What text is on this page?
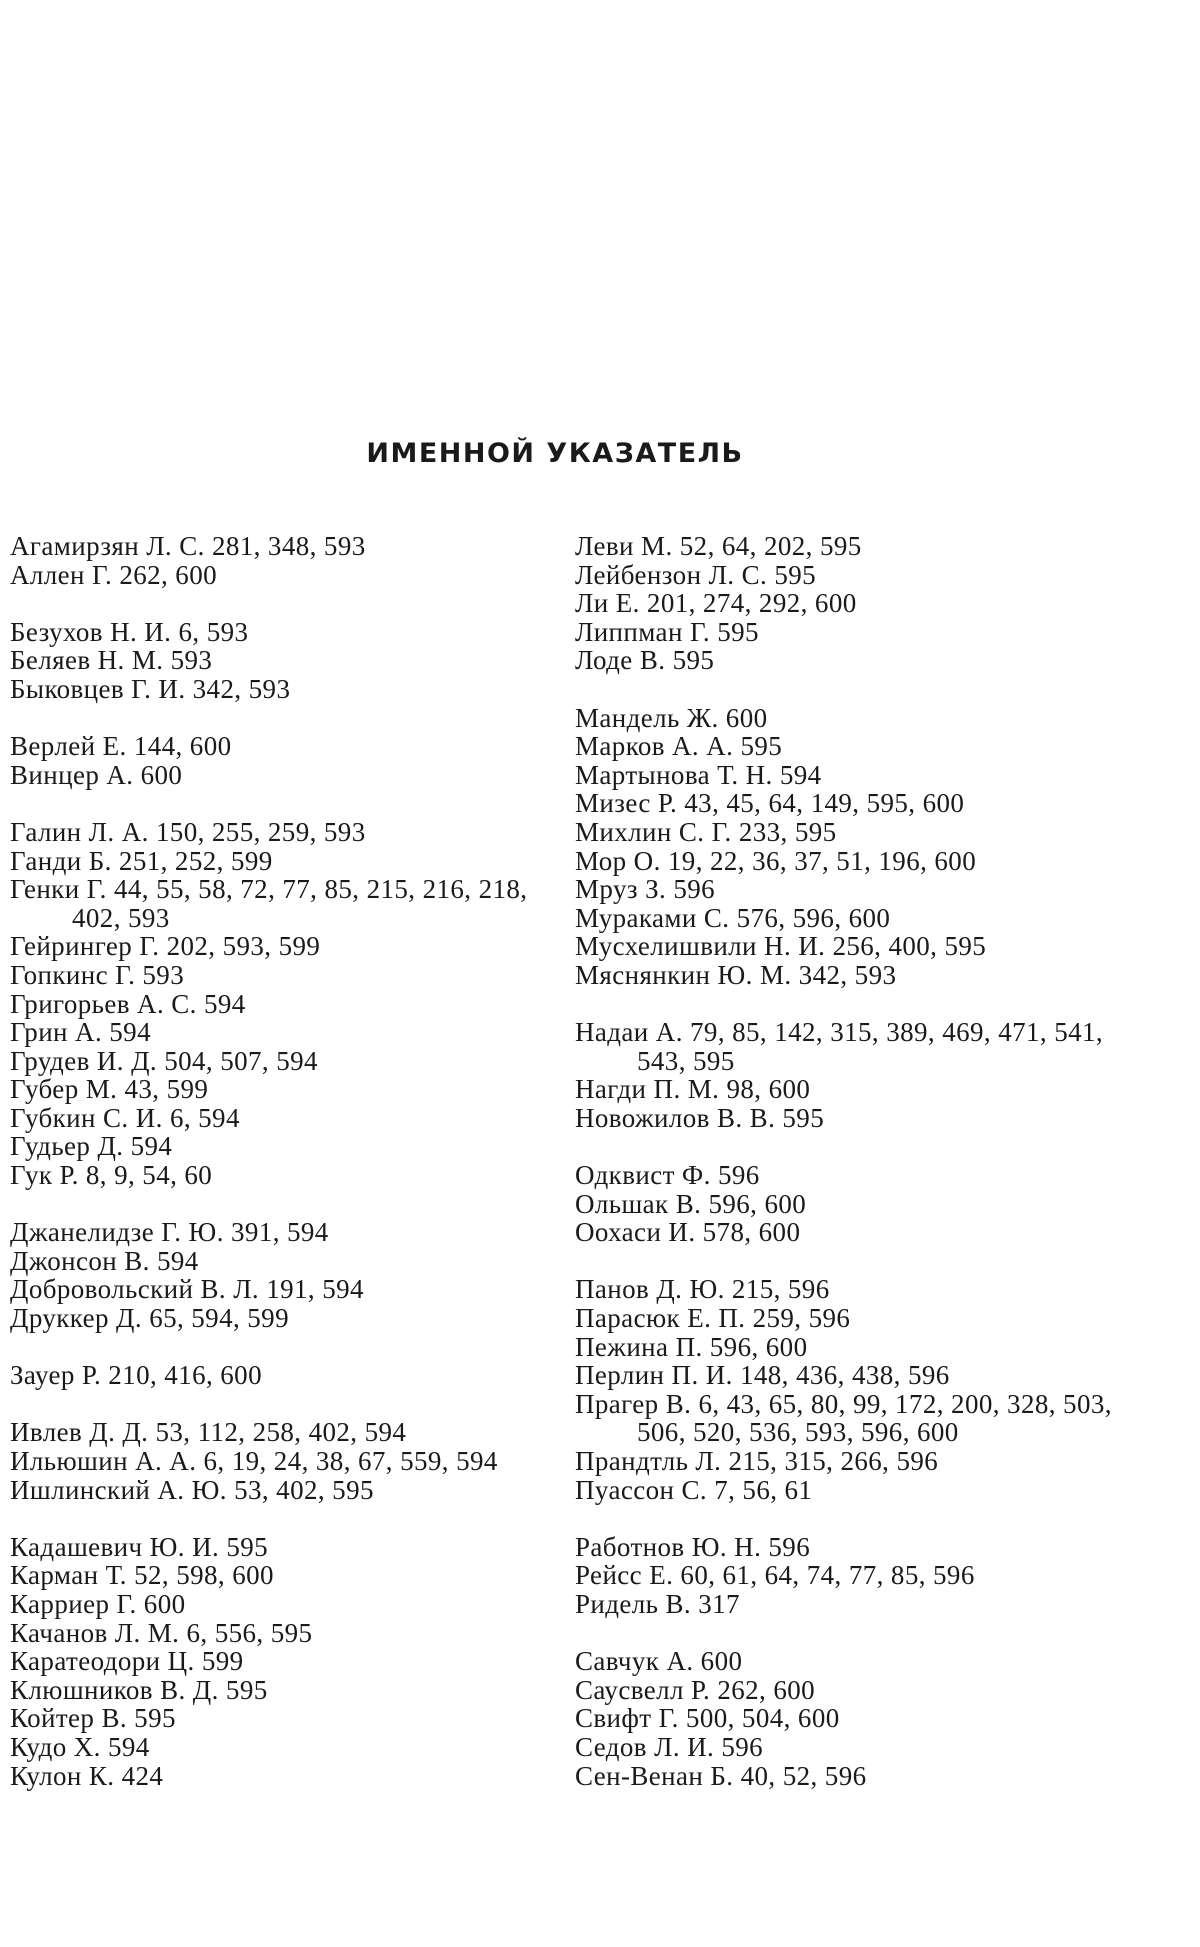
ИМЕННОЙ УКАЗАТЕЛЬ
Агамирзян Л. С. 281, 348, 593
Аллен Г. 262, 600
Безухов Н. И. 6, 593
Беляев Н. М. 593
Быковцев Г. И. 342, 593
Верлей Е. 144, 600
Винцер А. 600
Галин Л. А. 150, 255, 259, 593
Ганди Б. 251, 252, 599
Генки Г. 44, 55, 58, 72, 77, 85, 215, 216, 218, 402, 593
Гейрингер Г. 202, 593, 599
Гопкинс Г. 593
Григорьев А. С. 594
Грин А. 594
Грудев И. Д. 504, 507, 594
Губер М. 43, 599
Губкин С. И. 6, 594
Гудьер Д. 594
Гук Р. 8, 9, 54, 60
Джанелидзе Г. Ю. 391, 594
Джонсон В. 594
Добровольский В. Л. 191, 594
Друккер Д. 65, 594, 599
Зауер Р. 210, 416, 600
Ивлев Д. Д. 53, 112, 258, 402, 594
Ильюшин А. А. 6, 19, 24, 38, 67, 559, 594
Ишлинский А. Ю. 53, 402, 595
Кадашевич Ю. И. 595
Карман Т. 52, 598, 600
Карриер Г. 600
Качанов Л. М. 6, 556, 595
Каратеодори Ц. 599
Клюшников В. Д. 595
Койтер В. 595
Кудо Х. 594
Кулон К. 424
Леви М. 52, 64, 202, 595
Лейбензон Л. С. 595
Ли Е. 201, 274, 292, 600
Липпман Г. 595
Лоде В. 595
Мандель Ж. 600
Марков А. А. 595
Мартынова Т. Н. 594
Мизес Р. 43, 45, 64, 149, 595, 600
Михлин С. Г. 233, 595
Мор О. 19, 22, 36, 37, 51, 196, 600
Мруз З. 596
Мураками С. 576, 596, 600
Мусхелишвили Н. И. 256, 400, 595
Мяснянкин Ю. М. 342, 593
Надаи А. 79, 85, 142, 315, 389, 469, 471, 541, 543, 595
Нагди П. М. 98, 600
Новожилов В. В. 595
Одквист Ф. 596
Ольшак В. 596, 600
Оохаси И. 578, 600
Панов Д. Ю. 215, 596
Парасюк Е. П. 259, 596
Пежина П. 596, 600
Перлин П. И. 148, 436, 438, 596
Прагер В. 6, 43, 65, 80, 99, 172, 200, 328, 503, 506, 520, 536, 593, 596, 600
Прандтль Л. 215, 315, 266, 596
Пуассон С. 7, 56, 61
Работнов Ю. Н. 596
Рейсс Е. 60, 61, 64, 74, 77, 85, 596
Ридель В. 317
Савчук А. 600
Саусвелл Р. 262, 600
Свифт Г. 500, 504, 600
Седов Л. И. 596
Сен-Венан Б. 40, 52, 596
